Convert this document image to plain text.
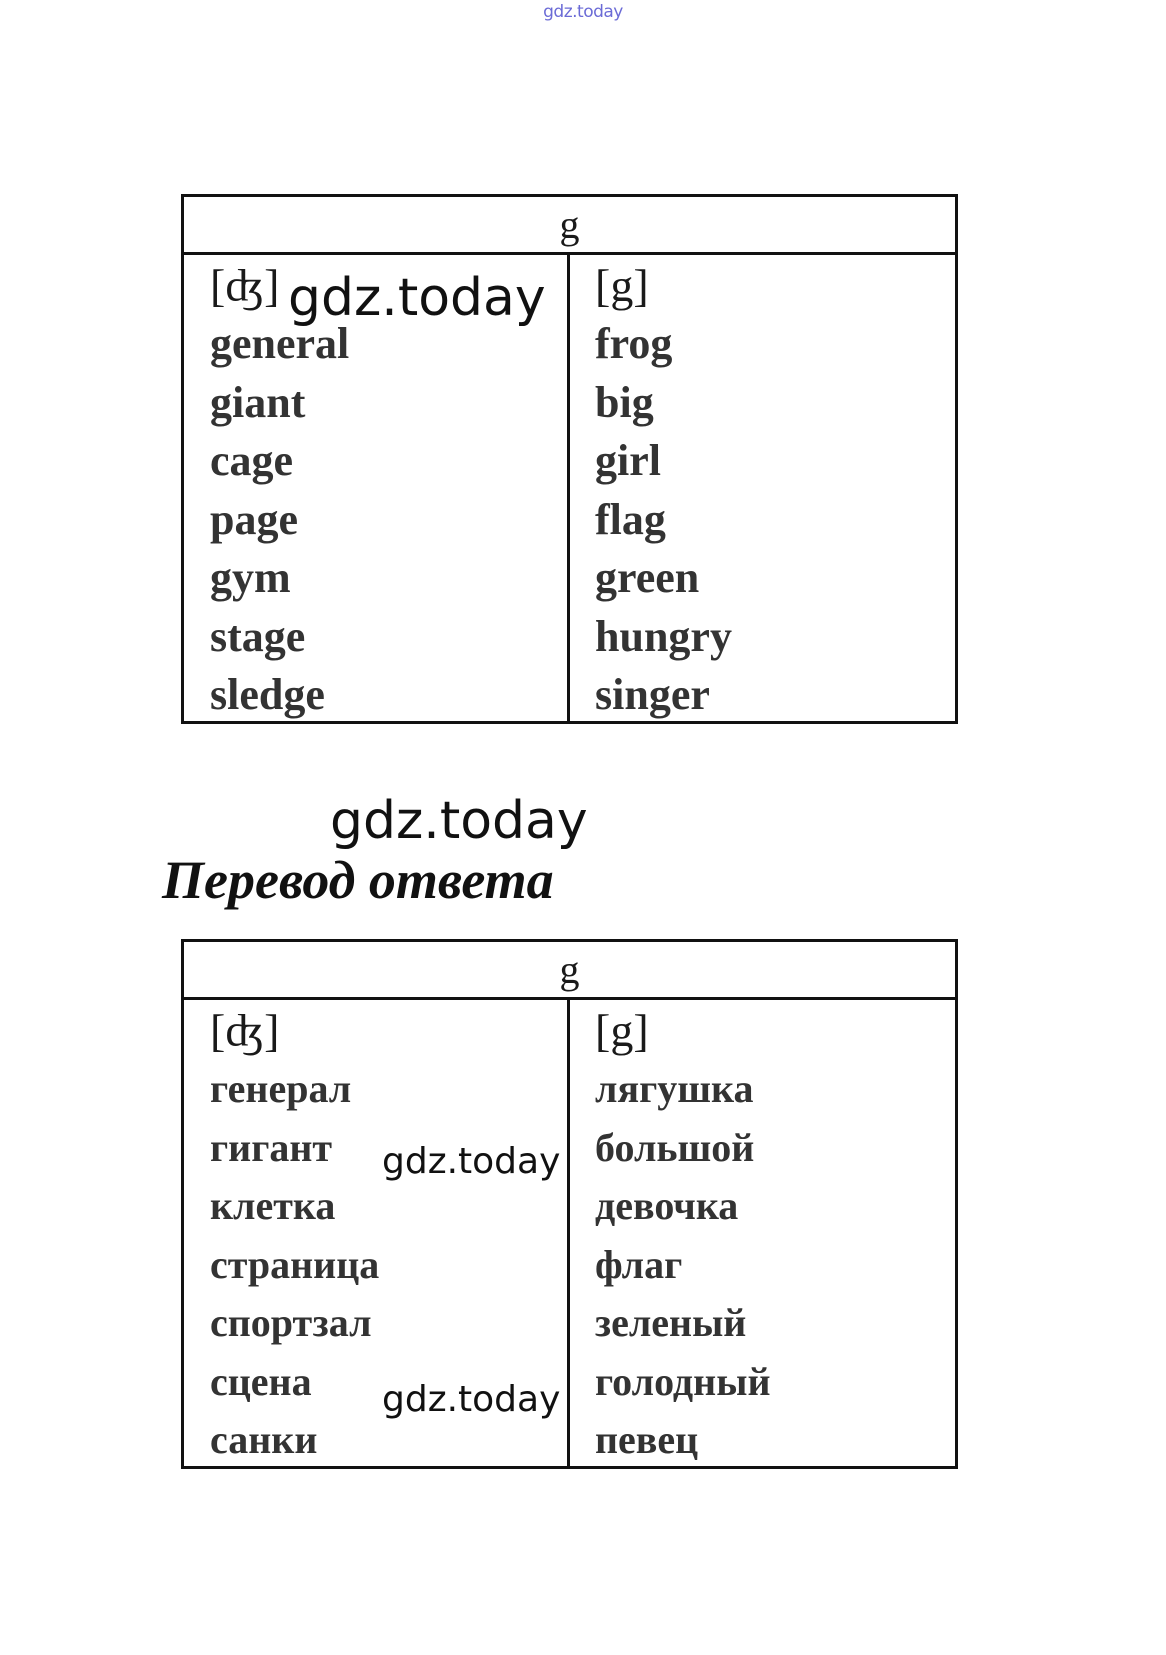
gdz.today
g
[ʤ]
general
giant
cage
page
gym
stage
sledge
[g]
frog
big
girl
flag
green
hungry
singer
Перевод ответа
g
[ʤ]
генерал
гигант
клетка
страница
спортзал
сцена
санки
[g]
лягушка
большой
девочка
флаг
зеленый
голодный
певец
gdz.today
gdz.today
gdz.today
gdz.today
